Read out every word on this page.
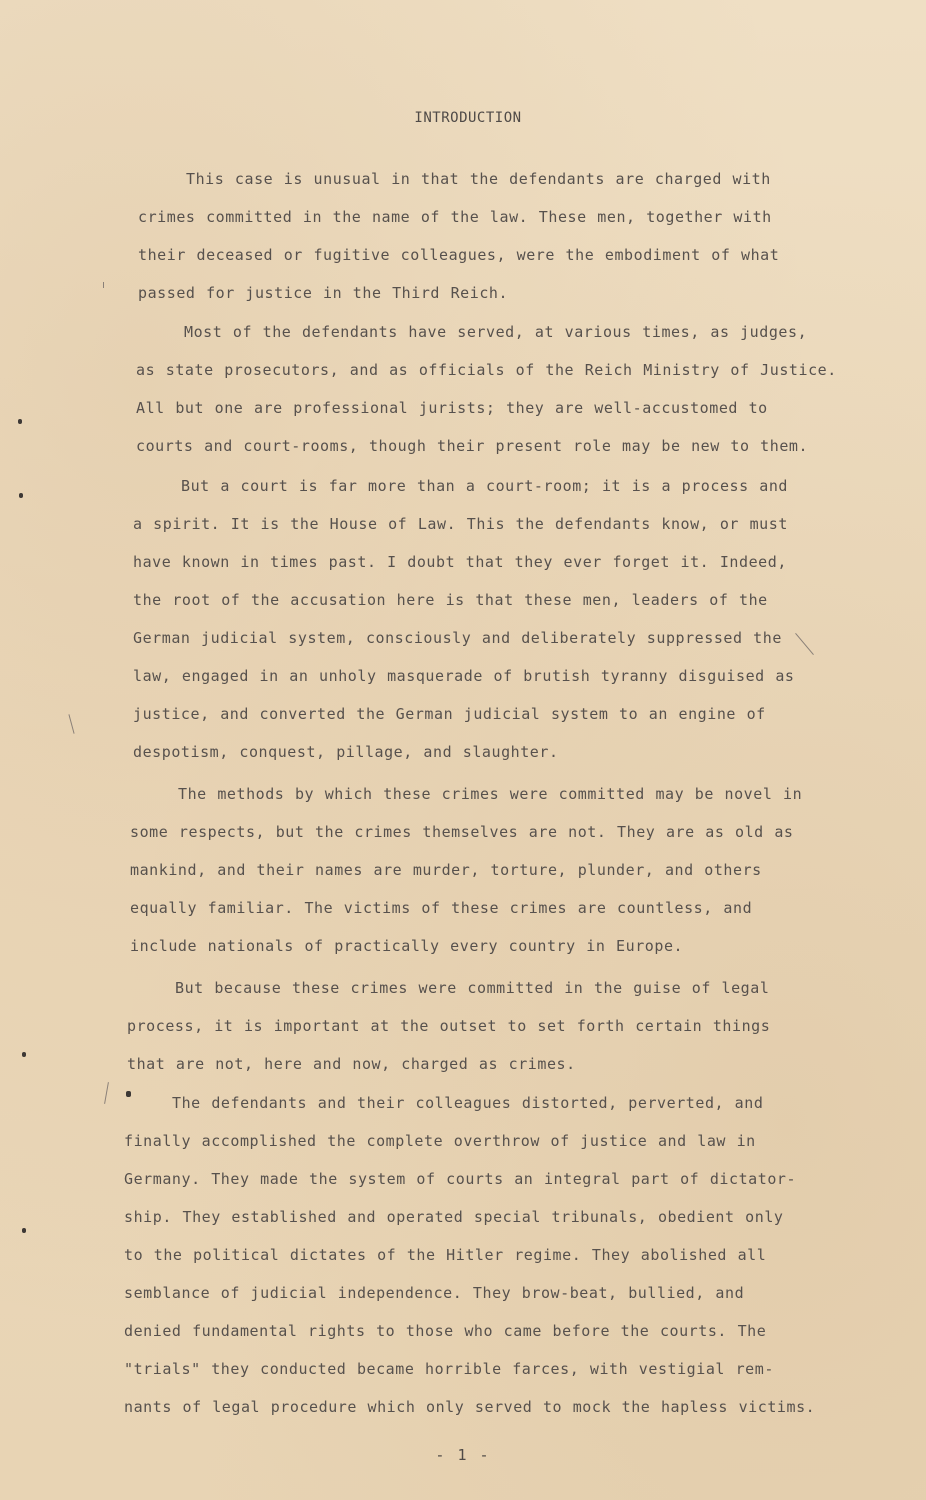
INTRODUCTION
This case is unusual in that the defendants are charged with
crimes committed in the name of the law. These men, together with
their deceased or fugitive colleagues, were the embodiment of what
passed for justice in the Third Reich.
Most of the defendants have served, at various times, as judges,
as state prosecutors, and as officials of the Reich Ministry of Justice.
All but one are professional jurists; they are well-accustomed to
courts and court-rooms, though their present role may be new to them.
But a court is far more than a court-room; it is a process and
a spirit. It is the House of Law. This the defendants know, or must
have known in times past. I doubt that they ever forget it. Indeed,
the root of the accusation here is that these men, leaders of the
German judicial system, consciously and deliberately suppressed the
law, engaged in an unholy masquerade of brutish tyranny disguised as
justice, and converted the German judicial system to an engine of
despotism, conquest, pillage, and slaughter.
The methods by which these crimes were committed may be novel in
some respects, but the crimes themselves are not. They are as old as
mankind, and their names are murder, torture, plunder, and others
equally familiar. The victims of these crimes are countless, and
include nationals of practically every country in Europe.
But because these crimes were committed in the guise of legal
process, it is important at the outset to set forth certain things
that are not, here and now, charged as crimes.
The defendants and their colleagues distorted, perverted, and
finally accomplished the complete overthrow of justice and law in
Germany. They made the system of courts an integral part of dictator-
ship. They established and operated special tribunals, obedient only
to the political dictates of the Hitler regime. They abolished all
semblance of judicial independence. They brow-beat, bullied, and
denied fundamental rights to those who came before the courts. The
"trials" they conducted became horrible farces, with vestigial rem-
nants of legal procedure which only served to mock the hapless victims.
- 1 -
